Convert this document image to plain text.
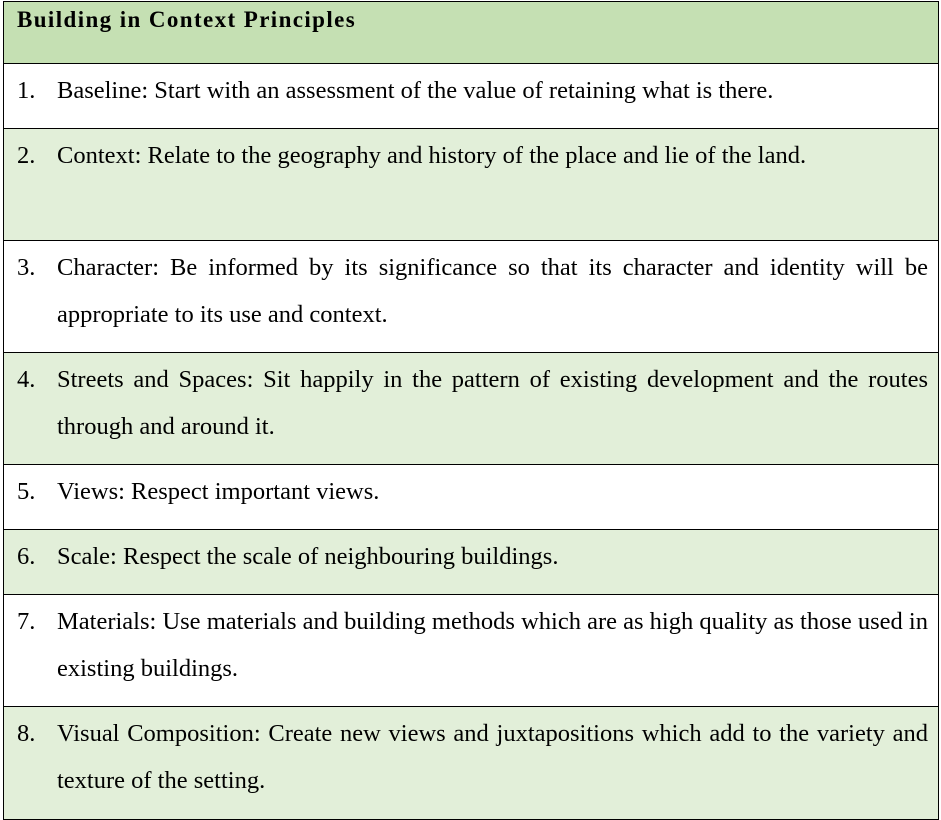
Building in Context Principles
1. Baseline: Start with an assessment of the value of retaining what is there.
2. Context: Relate to the geography and history of the place and lie of the land.
3. Character: Be informed by its significance so that its character and identity will be appropriate to its use and context.
4. Streets and Spaces: Sit happily in the pattern of existing development and the routes through and around it.
5. Views: Respect important views.
6. Scale: Respect the scale of neighbouring buildings.
7. Materials: Use materials and building methods which are as high quality as those used in existing buildings.
8. Visual Composition: Create new views and juxtapositions which add to the variety and texture of the setting.
